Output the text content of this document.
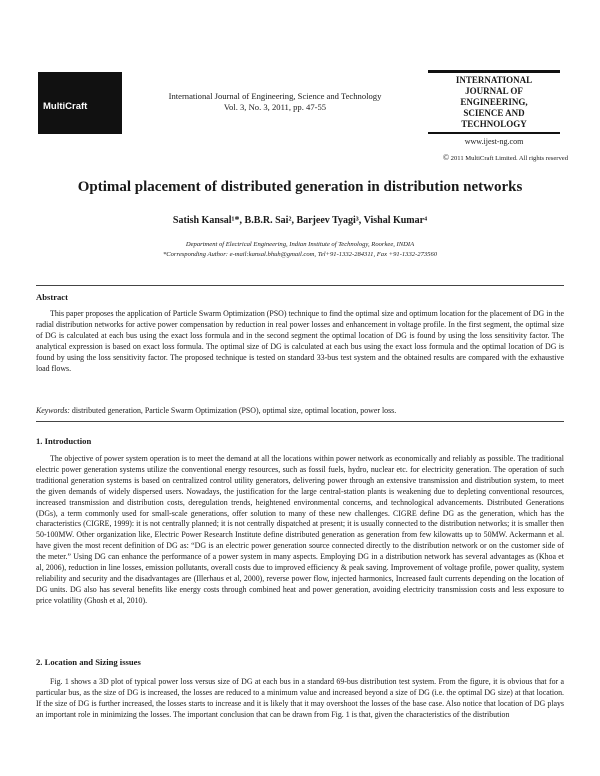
MultiCraft
International Journal of Engineering, Science and Technology
Vol. 3, No. 3, 2011, pp. 47-55
INTERNATIONAL
JOURNAL OF
ENGINEERING,
SCIENCE AND
TECHNOLOGY
www.ijest-ng.com
© 2011 MultiCraft Limited. All rights reserved
Optimal placement of distributed generation in distribution networks
Satish Kansal¹*, B.B.R. Sai², Barjeev Tyagi³, Vishal Kumar⁴
Department of Electrical Engineering, Indian Institute of Technology, Roorkee, INDIA
*Corresponding Author: e-mail:kansal.bhuh@gmail.com, Tel+91-1332-284311, Fax +91-1332-273560
Abstract
This paper proposes the application of Particle Swarm Optimization (PSO) technique to find the optimal size and optimum location for the placement of DG in the radial distribution networks for active power compensation by reduction in real power losses and enhancement in voltage profile. In the first segment, the optimal size of DG is calculated at each bus using the exact loss formula and in the second segment the optimal location of DG is found by using the loss sensitivity factor. The analytical expression is based on exact loss formula. The optimal size of DG is calculated at each bus using the exact loss formula and the optimal location of DG is found by using the loss sensitivity factor. The proposed technique is tested on standard 33-bus test system and the obtained results are compared with the exhaustive load flows.
Keywords: distributed generation, Particle Swarm Optimization (PSO), optimal size, optimal location, power loss.
1. Introduction
The objective of power system operation is to meet the demand at all the locations within power network as economically and reliably as possible. The traditional electric power generation systems utilize the conventional energy resources, such as fossil fuels, hydro, nuclear etc. for electricity generation. The operation of such traditional generation systems is based on centralized control utility generators, delivering power through an extensive transmission and distribution system, to meet the given demands of widely dispersed users. Nowadays, the justification for the large central-station plants is weakening due to depleting conventional resources, increased transmission and distribution costs, deregulation trends, heightened environmental concerns, and technological advancements. Distributed Generations (DGs), a term commonly used for small-scale generations, offer solution to many of these new challenges. CIGRE define DG as the generation, which has the characteristics (CIGRE, 1999): it is not centrally planned; it is not centrally dispatched at present; it is usually connected to the distribution networks; it is smaller then 50-100MW. Other organization like, Electric Power Research Institute define distributed generation as generation from few kilowatts up to 50MW. Ackermann et al. have given the most recent definition of DG as: “DG is an electric power generation source connected directly to the distribution network or on the customer side of the meter.” Using DG can enhance the performance of a power system in many aspects. Employing DG in a distribution network has several advantages as (Khoa et al, 2006), reduction in line losses, emission pollutants, overall costs due to improved efficiency & peak saving. Improvement of voltage profile, power quality, system reliability and security and the disadvantages are (Illerhaus et al, 2000), reverse power flow, injected harmonics, Increased fault currents depending on the location of DG units. DG also has several benefits like energy costs through combined heat and power generation, avoiding electricity transmission costs and less exposure to price volatility (Ghosh et al, 2010).
2. Location and Sizing issues
Fig. 1 shows a 3D plot of typical power loss versus size of DG at each bus in a standard 69-bus distribution test system. From the figure, it is obvious that for a particular bus, as the size of DG is increased, the losses are reduced to a minimum value and increased beyond a size of DG (i.e. the optimal DG size) at that location. If the size of DG is further increased, the losses starts to increase and it is likely that it may overshoot the losses of the base case. Also notice that location of DG plays an important role in minimizing the losses. The important conclusion that can be drawn from Fig. 1 is that, given the characteristics of the distribution
